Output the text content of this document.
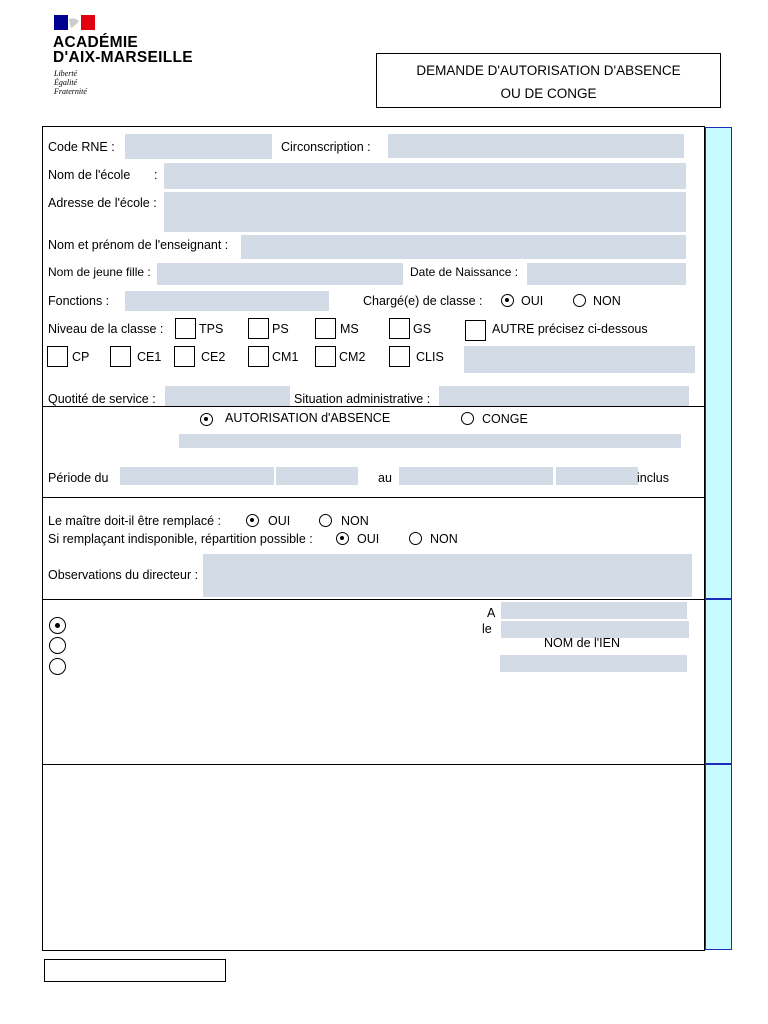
ACADÉMIE
D'AIX-MARSEILLE
Liberté
Égalité
Fraternité
DEMANDE D'AUTORISATION D'ABSENCE
OU DE CONGE
Code RNE :	Circonscription :
Nom de l'école :
Adresse de l'école :
Nom et prénom de l'enseignant :
Nom de jeune fille :	Date de Naissance :
Fonctions :	Chargé(e) de classe :	OUI	NON
Niveau de la classe :	TPS	PS	MS	GS	AUTRE précisez ci-dessous
CP	CE1	CE2	CM1	CM2	CLIS
Quotité de service :	Situation administrative :
AUTORISATION d'ABSENCE	CONGE
Période du	au	inclus
Le maître doit-il être remplacé :	OUI	NON
Si remplaçant indisponible, répartition possible :	OUI	NON
Observations du directeur :
A
le
NOM de l'IEN
